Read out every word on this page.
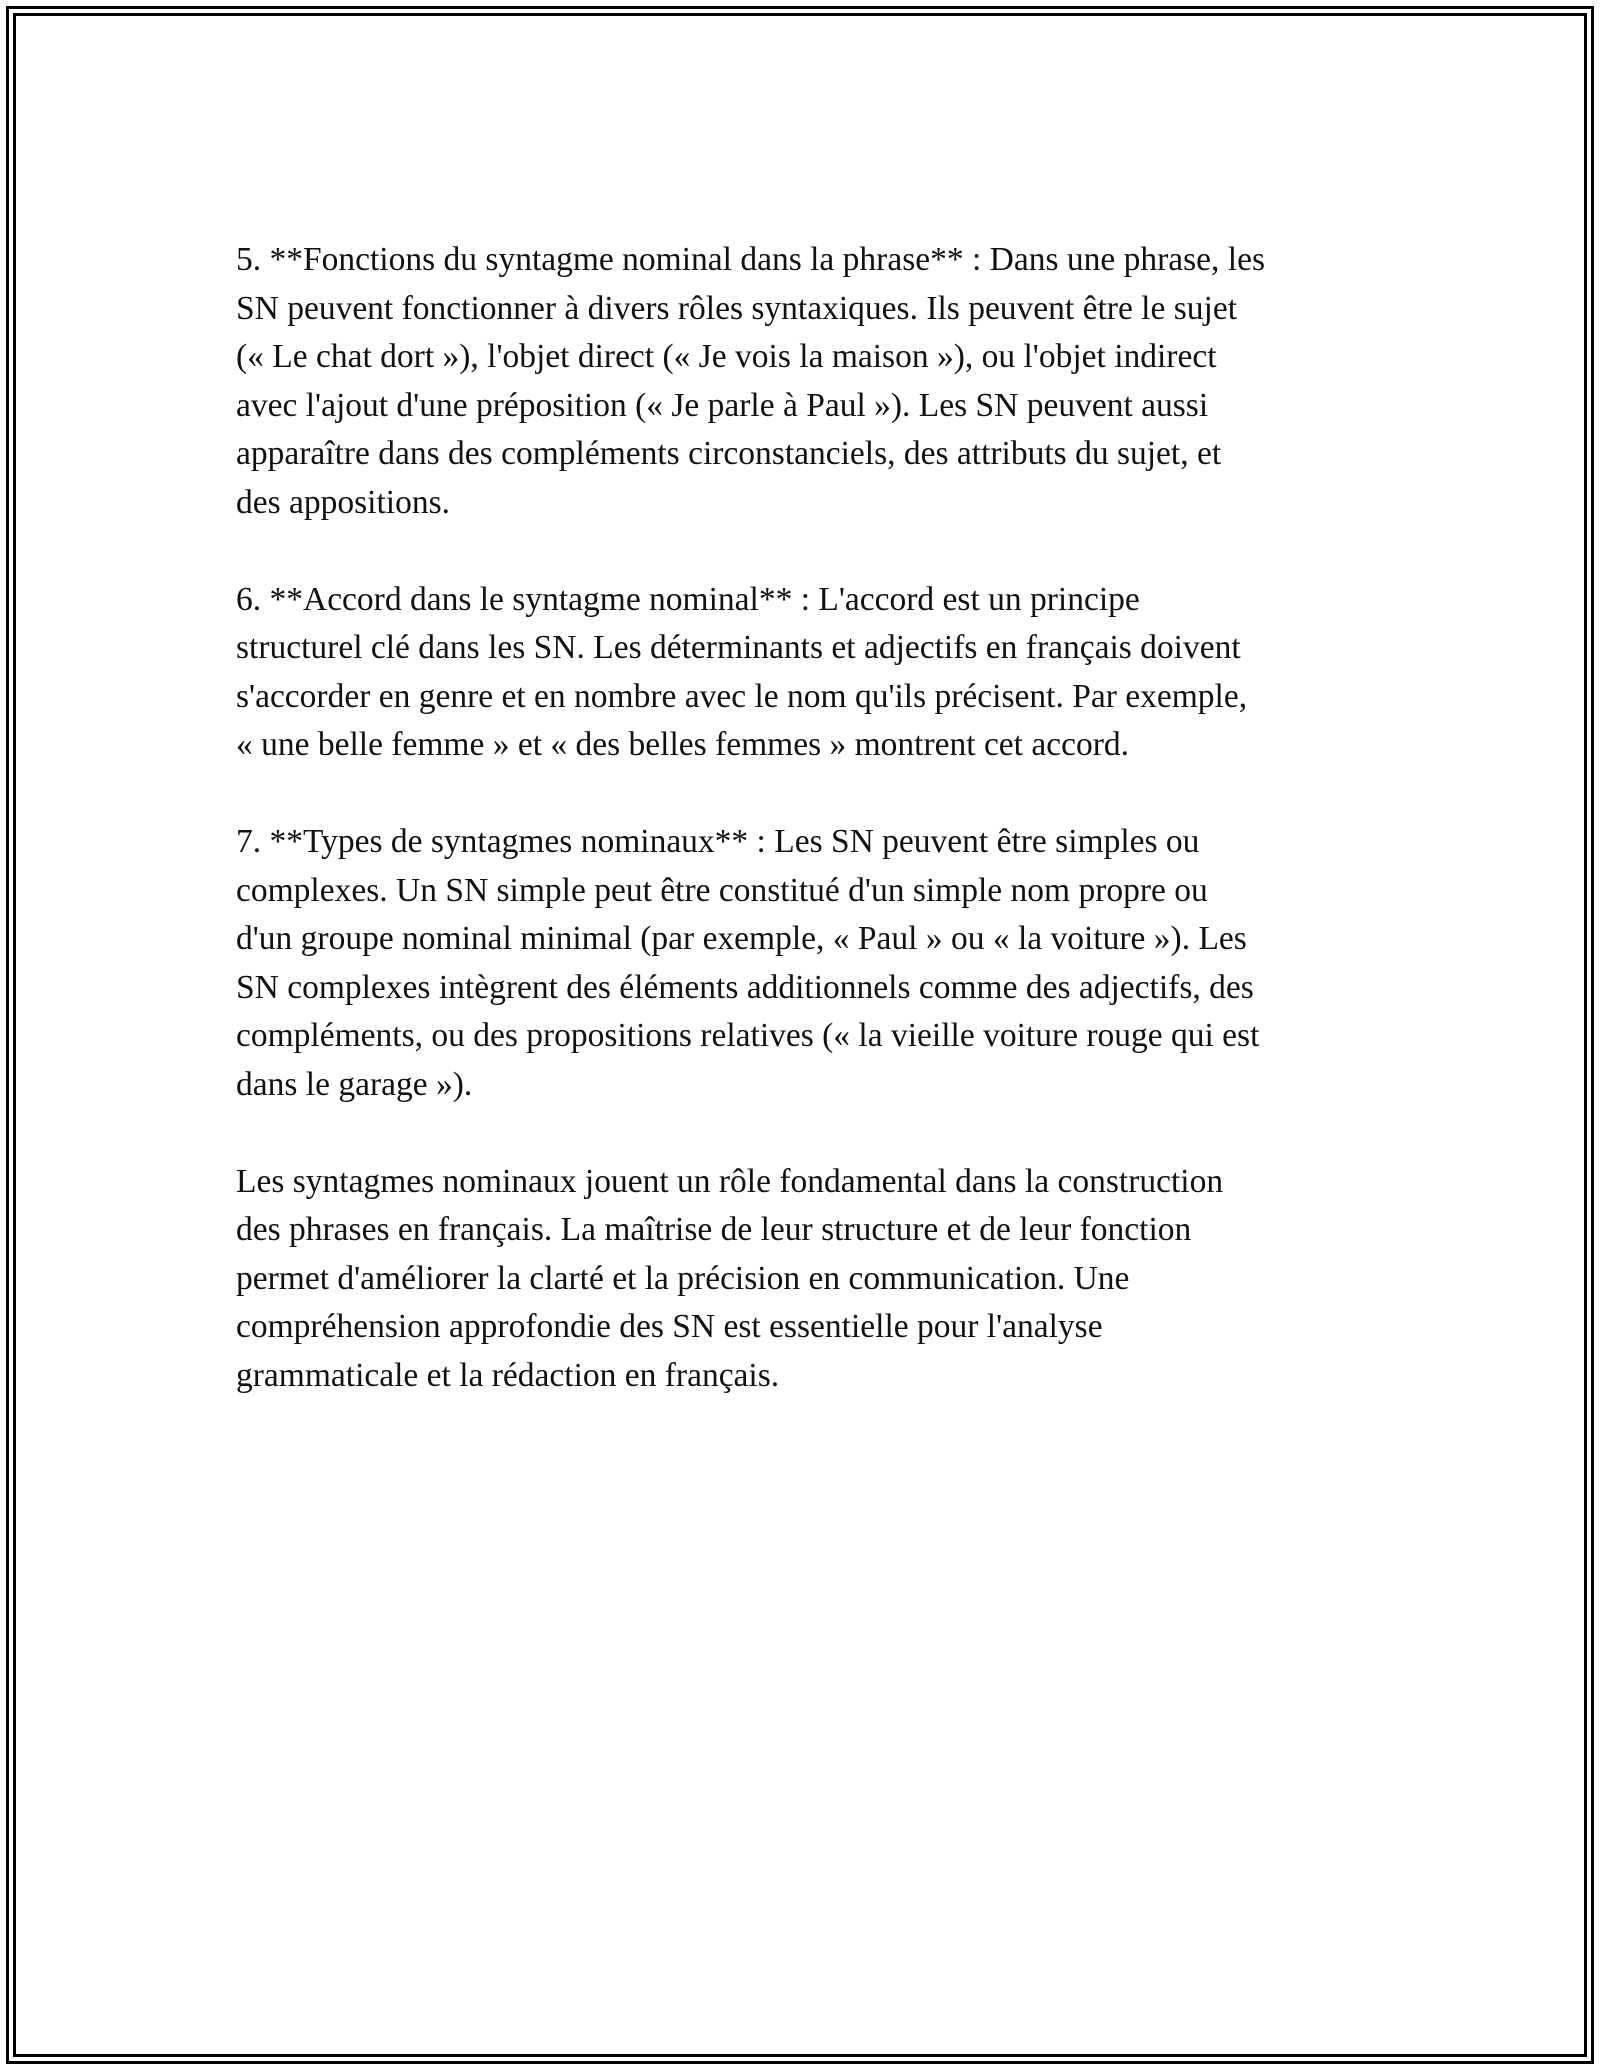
5. **Fonctions du syntagme nominal dans la phrase** : Dans une phrase, les
SN peuvent fonctionner à divers rôles syntaxiques. Ils peuvent être le sujet
(« Le chat dort »), l'objet direct (« Je vois la maison »), ou l'objet indirect
avec l'ajout d'une préposition (« Je parle à Paul »). Les SN peuvent aussi
apparaître dans des compléments circonstanciels, des attributs du sujet, et
des appositions.

6. **Accord dans le syntagme nominal** : L'accord est un principe
structurel clé dans les SN. Les déterminants et adjectifs en français doivent
s'accorder en genre et en nombre avec le nom qu'ils précisent. Par exemple,
« une belle femme » et « des belles femmes » montrent cet accord.

7. **Types de syntagmes nominaux** : Les SN peuvent être simples ou
complexes. Un SN simple peut être constitué d'un simple nom propre ou
d'un groupe nominal minimal (par exemple, « Paul » ou « la voiture »). Les
SN complexes intègrent des éléments additionnels comme des adjectifs, des
compléments, ou des propositions relatives (« la vieille voiture rouge qui est
dans le garage »).

Les syntagmes nominaux jouent un rôle fondamental dans la construction
des phrases en français. La maîtrise de leur structure et de leur fonction
permet d'améliorer la clarté et la précision en communication. Une
compréhension approfondie des SN est essentielle pour l'analyse
grammaticale et la rédaction en français.
